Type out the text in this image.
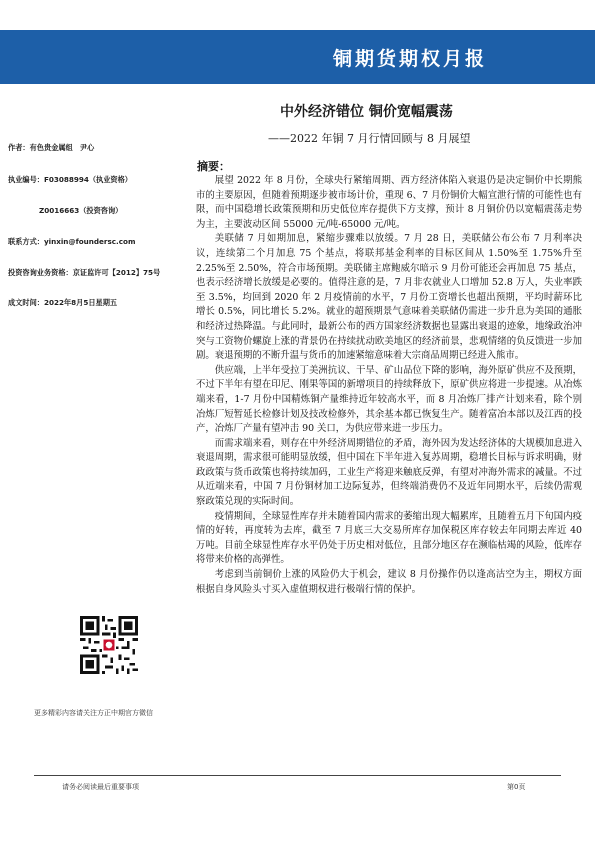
铜期货期权月报
中外经济错位 铜价宽幅震荡
——2022 年铜 7 月行情回顾与 8 月展望
作者：有色贵金属组　尹心
执业编号：F03088994（执业资格）
Z0016663（投资咨询）
联系方式：yinxin@foundersc.com
投资咨询业务资格：京证监许可【2012】75号
成文时间：2022年8月5日星期五
更多精彩内容请关注方正中期官方微信
摘要：

展望 2022 年 8 月份，全球央行紧缩周期、西方经济体陷入衰退仍是决定铜价中长期熊市的主要原因，但随着预期逐步被市场计价，重现 6、7 月份铜价大幅宣泄行情的可能性也有限，而中国稳增长政策预期和历史低位库存提供下方支撑，预计 8 月铜价仍以宽幅震荡走势为主，主要波动区间 55000 元/吨-65000 元/吨。

美联储 7 月如期加息，紧缩步骤难以放缓。7 月 28 日，美联储公布公布 7 月利率决议，连续第二个月加息 75 个基点，将联邦基金利率的目标区间从 1.50%至 1.75%升至 2.25%至 2.50%，符合市场预期。美联储主席鲍威尔暗示 9 月份可能还会再加息 75 基点，也表示经济增长放缓是必要的。值得注意的是，7 月非农就业人口增加 52.8 万人，失业率跌至 3.5%，均回到 2020 年 2 月疫情前的水平，7 月份工资增长也超出预期，平均时薪环比增长 0.5%，同比增长 5.2%。就业的超预期景气意味着美联储仍需进一步升息为美国的通胀和经济过热降温。与此同时，最新公布的西方国家经济数据也显露出衰退的迹象，地缘政治冲突与工资物价螺旋上涨的背景仍在持续扰动欧美地区的经济前景，悲观情绪的负反馈进一步加剧。衰退预期的不断升温与货币的加速紧缩意味着大宗商品周期已经进入熊市。

供应端，上半年受拉丁美洲抗议、干旱、矿山品位下降的影响，海外原矿供应不及预期，不过下半年有望在印尼、刚果等国的新增项目的持续释放下，原矿供应将进一步提速。从冶炼端来看，1-7 月份中国精炼铜产量维持近年较高水平，而 8 月冶炼厂排产计划来看，除个别冶炼厂短暂延长检修计划及技改检修外，其余基本都已恢复生产。随着富冶本部以及江西的投产，冶炼厂产量有望冲击 90 关口，为供应带来进一步压力。

而需求端来看，则存在中外经济周期错位的矛盾，海外因为发达经济体的大规模加息进入衰退周期，需求很可能明显放缓，但中国在下半年进入复苏周期，稳增长目标与诉求明确，财政政策与货币政策也将持续加码，工业生产将迎来触底反弹，有望对冲海外需求的减量。不过从近端来看，中国 7 月份铜材加工边际复苏，但终端消费仍不及近年同期水平，后续仍需观察政策兑现的实际时间。

疫情期间，全球显性库存并未随着国内需求的萎缩出现大幅累库，且随着五月下旬国内疫情的好转，再度转为去库，截至 7 月底三大交易所库存加保税区库存较去年同期去库近 40 万吨。目前全球显性库存水平仍处于历史相对低位，且部分地区存在濒临枯竭的风险，低库存将带来价格的高弹性。

考虑到当前铜价上涨的风险仍大于机会，建议 8 月份操作仍以逢高沽空为主，期权方面根据自身风险头寸买入虚值期权进行极端行情的保护。

请务必阅读最后重要事项	第0页
